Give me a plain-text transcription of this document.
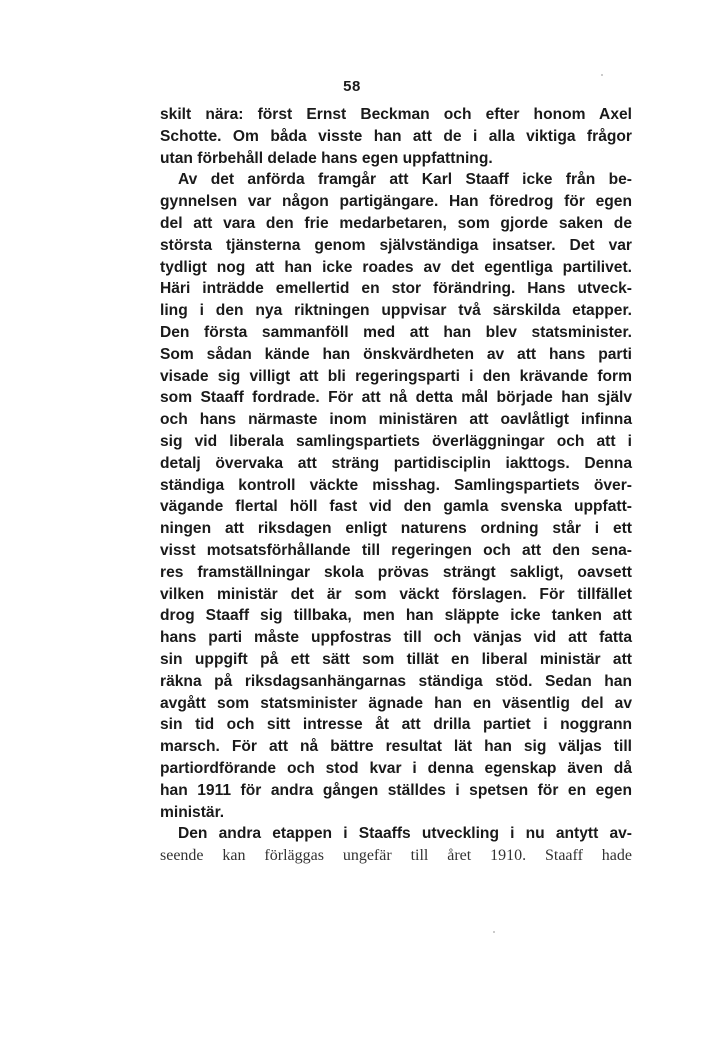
58
skilt nära: först Ernst Beckman och efter honom Axel
Schotte. Om båda visste han att de i alla viktiga frågor
utan förbehåll delade hans egen uppfattning.
Av det anförda framgår att Karl Staaff icke från be-
gynnelsen var någon partigängare. Han föredrog för egen
del att vara den frie medarbetaren, som gjorde saken de
största tjänsterna genom självständiga insatser. Det var
tydligt nog att han icke roades av det egentliga partilivet.
Häri inträdde emellertid en stor förändring. Hans utveck-
ling i den nya riktningen uppvisar två särskilda etapper.
Den första sammanföll med att han blev statsminister.
Som sådan kände han önskvärdheten av att hans parti
visade sig villigt att bli regeringsparti i den krävande form
som Staaff fordrade. För att nå detta mål började han själv
och hans närmaste inom ministären att oavlåtligt infinna
sig vid liberala samlingspartiets överläggningar och att i
detalj övervaka att sträng partidisciplin iakttogs. Denna
ständiga kontroll väckte misshag. Samlingspartiets över-
vägande flertal höll fast vid den gamla svenska uppfatt-
ningen att riksdagen enligt naturens ordning står i ett
visst motsatsförhållande till regeringen och att den sena-
res framställningar skola prövas strängt sakligt, oavsett
vilken ministär det är som väckt förslagen. För tillfället
drog Staaff sig tillbaka, men han släppte icke tanken att
hans parti måste uppfostras till och vänjas vid att fatta
sin uppgift på ett sätt som tillät en liberal ministär att
räkna på riksdagsanhängarnas ständiga stöd. Sedan han
avgått som statsminister ägnade han en väsentlig del av
sin tid och sitt intresse åt att drilla partiet i noggrann
marsch. För att nå bättre resultat lät han sig väljas till
partiordförande och stod kvar i denna egenskap även då
han 1911 för andra gången ställdes i spetsen för en egen
ministär.
Den andra etappen i Staaffs utveckling i nu antytt av-
seende kan förläggas ungefär till året 1910. Staaff hade
